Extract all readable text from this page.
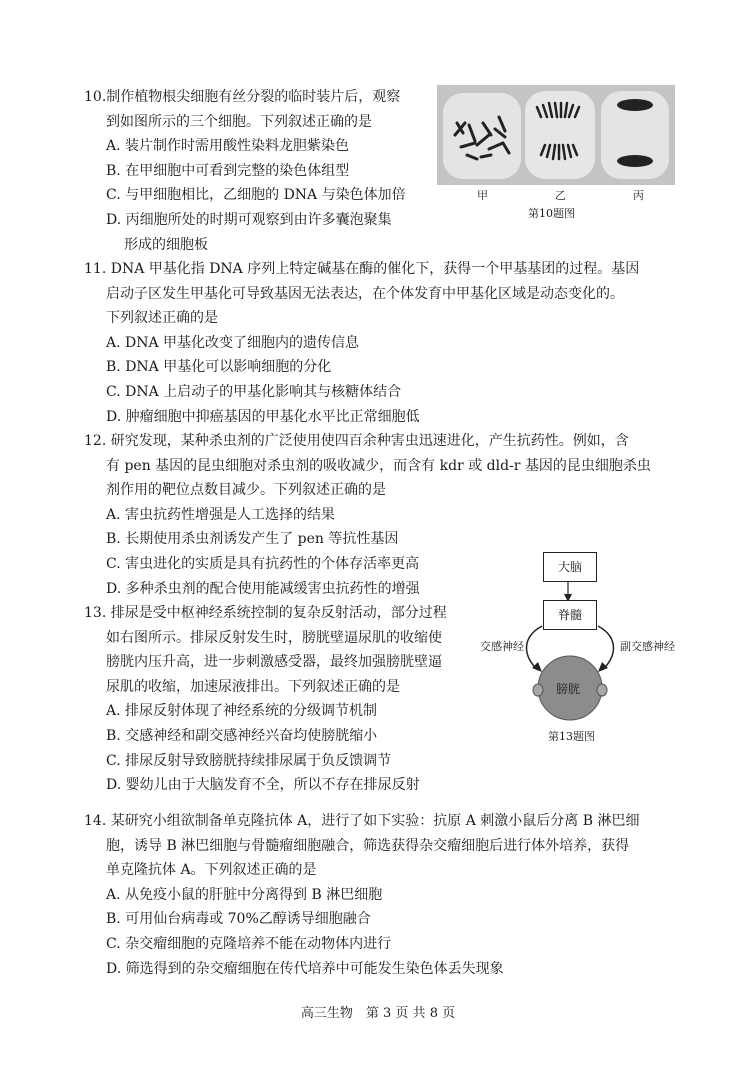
10.制作植物根尖细胞有丝分裂的临时装片后，观察
到如图所示的三个细胞。下列叙述正确的是
A. 装片制作时需用酸性染料龙胆紫染色
B. 在甲细胞中可看到完整的染色体组型
C. 与甲细胞相比，乙细胞的 DNA 与染色体加倍
D. 丙细胞所处的时期可观察到由许多囊泡聚集
形成的细胞板
甲	乙	丙
第10题图
11. DNA 甲基化指 DNA 序列上特定碱基在酶的催化下，获得一个甲基基团的过程。基因
启动子区发生甲基化可导致基因无法表达，在个体发育中甲基化区域是动态变化的。
下列叙述正确的是
A. DNA 甲基化改变了细胞内的遗传信息
B. DNA 甲基化可以影响细胞的分化
C. DNA 上启动子的甲基化影响其与核糖体结合
D. 肿瘤细胞中抑癌基因的甲基化水平比正常细胞低
12. 研究发现，某种杀虫剂的广泛使用使四百余种害虫迅速进化，产生抗药性。例如，含
有 pen 基因的昆虫细胞对杀虫剂的吸收减少，而含有 kdr 或 dld-r 基因的昆虫细胞杀虫
剂作用的靶位点数目减少。下列叙述正确的是
A. 害虫抗药性增强是人工选择的结果
B. 长期使用杀虫剂诱发产生了 pen 等抗性基因
C. 害虫进化的实质是具有抗药性的个体存活率更高
D. 多种杀虫剂的配合使用能减缓害虫抗药性的增强
13. 排尿是受中枢神经系统控制的复杂反射活动，部分过程
如右图所示。排尿反射发生时，膀胱壁逼尿肌的收缩使
膀胱内压升高，进一步刺激感受器，最终加强膀胱壁逼
尿肌的收缩，加速尿液排出。下列叙述正确的是
A. 排尿反射体现了神经系统的分级调节机制
B. 交感神经和副交感神经兴奋均使膀胱缩小
C. 排尿反射导致膀胱持续排尿属于负反馈调节
D. 婴幼儿由于大脑发育不全，所以不存在排尿反射
大脑
脊髓
交感神经	副交感神经
膀胱
第13题图
14. 某研究小组欲制备单克隆抗体 A，进行了如下实验：抗原 A 刺激小鼠后分离 B 淋巴细
胞，诱导 B 淋巴细胞与骨髓瘤细胞融合，筛选获得杂交瘤细胞后进行体外培养，获得
单克隆抗体 A。下列叙述正确的是
A. 从免疫小鼠的肝脏中分离得到 B 淋巴细胞
B. 可用仙台病毒或 70%乙醇诱导细胞融合
C. 杂交瘤细胞的克隆培养不能在动物体内进行
D. 筛选得到的杂交瘤细胞在传代培养中可能发生染色体丢失现象
高三生物　第 3 页 共 8 页
